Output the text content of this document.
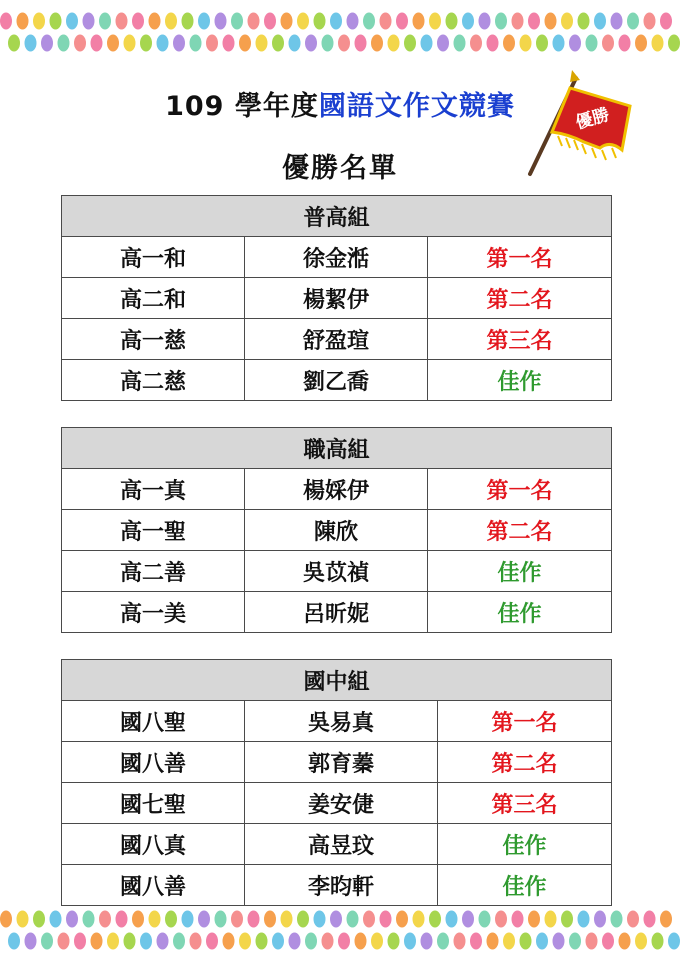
109 學年度國語文作文競賽	優勝
優勝名單
普高組		
高一和	徐金湉	第一名
高二和	楊絜伊	第二名
高一慈	舒盈瑄	第三名
高二慈	劉乙喬	佳作
職高組		
高一真	楊婇伊	第一名
高一聖	陳欣	第二名
高二善	吳苡禎	佳作
高一美	呂昕妮	佳作
國中組		
國八聖	吳易真	第一名
國八善	郭育蓁	第二名
國七聖	姜安倢	第三名
國八真	高昱玟	佳作
國八善	李昀軒	佳作
